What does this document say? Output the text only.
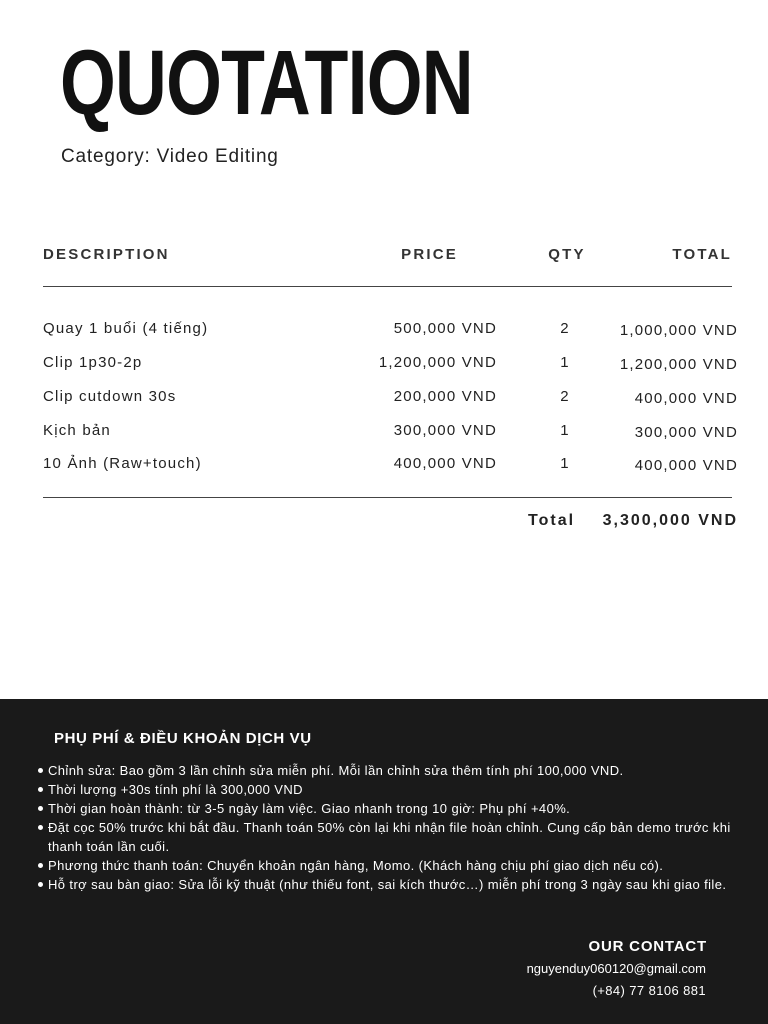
QUOTATION
Category: Video Editing
DESCRIPTION	PRICE	QTY	TOTAL
Quay 1 buổi (4 tiếng)	500,000 VND	2	1,000,000 VND
Clip 1p30-2p	1,200,000 VND	1	1,200,000 VND
Clip cutdown 30s	200,000 VND	2	400,000 VND
Kịch bản	300,000 VND	1	300,000 VND
10 Ảnh (Raw+touch)	400,000 VND	1	400,000 VND
Total 3,300,000 VND
PHỤ PHÍ & ĐIỀU KHOẢN DỊCH VỤ
Chỉnh sửa: Bao gồm 3 lần chỉnh sửa miễn phí. Mỗi lần chỉnh sửa thêm tính phí 100,000 VND.
Thời lượng +30s tính phí là 300,000 VND
Thời gian hoàn thành: từ 3-5 ngày làm việc. Giao nhanh trong 10 giờ: Phụ phí +40%.
Đặt cọc 50% trước khi bắt đầu. Thanh toán 50% còn lại khi nhận file hoàn chỉnh. Cung cấp bản demo trước khi thanh toán lần cuối.
Phương thức thanh toán: Chuyển khoản ngân hàng, Momo. (Khách hàng chịu phí giao dịch nếu có).
Hỗ trợ sau bàn giao: Sửa lỗi kỹ thuật (như thiếu font, sai kích thước…) miễn phí trong 3 ngày sau khi giao file.
OUR CONTACT
nguyenduy060120@gmail.com
(+84) 77 8106 881
